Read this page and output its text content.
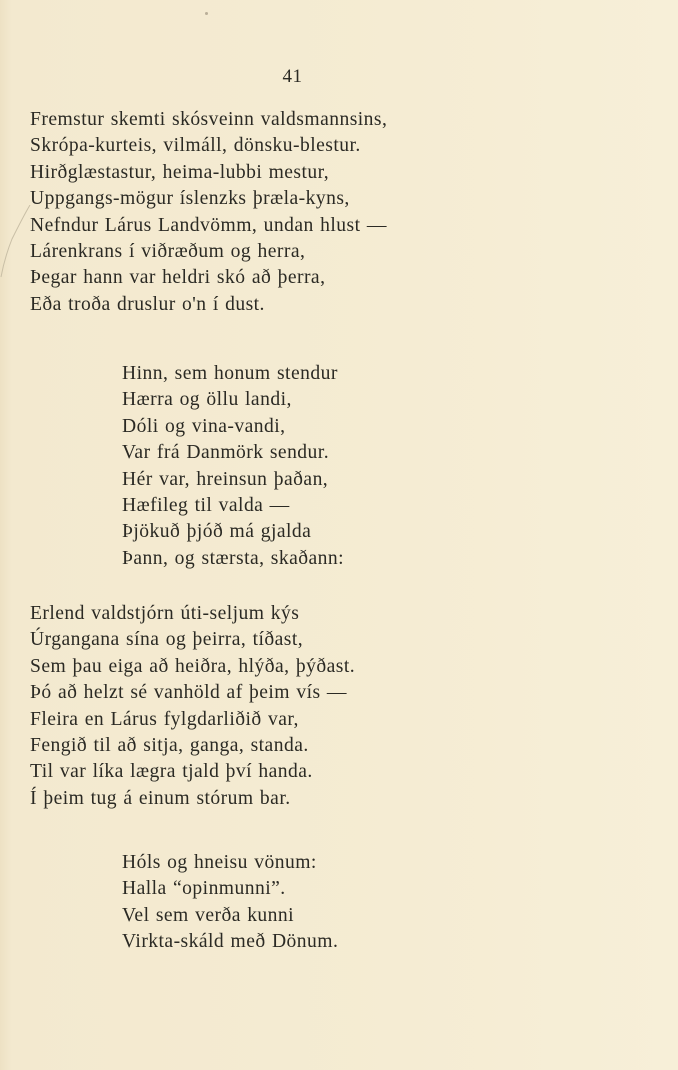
41
Fremstur skemti skósveinn valdsmannsins,
Skrópa-kurteis, vilmáll, dönsku-blestur.
Hirðglæstastur, heima-lubbi mestur,
Uppgangs-mögur íslenzks þræla-kyns,
Nefndur Lárus Landvömm, undan hlust —
Lárenkrans í viðræðum og herra,
Þegar hann var heldri skó að þerra,
Eða troða druslur o'n í dust.
Hinn, sem honum stendur
Hærra og öllu landi,
Dóli og vina-vandi,
Var frá Danmörk sendur.
Hér var, hreinsun þaðan,
Hæfileg til valda —
Þjökuð þjóð má gjalda
Þann, og stærsta, skaðann:
Erlend valdstjórn úti-seljum kýs
Úrgangana sína og þeirra, tíðast,
Sem þau eiga að heiðra, hlýða, þýðast.
Þó að helzt sé vanhöld af þeim vís —
Fleira en Lárus fylgdarliðið var,
Fengið til að sitja, ganga, standa.
Til var líka lægra tjald því handa.
Í þeim tug á einum stórum bar.
Hóls og hneisu vönum:
Halla “opinmunni”.
Vel sem verða kunni
Virkta-skáld með Dönum.
